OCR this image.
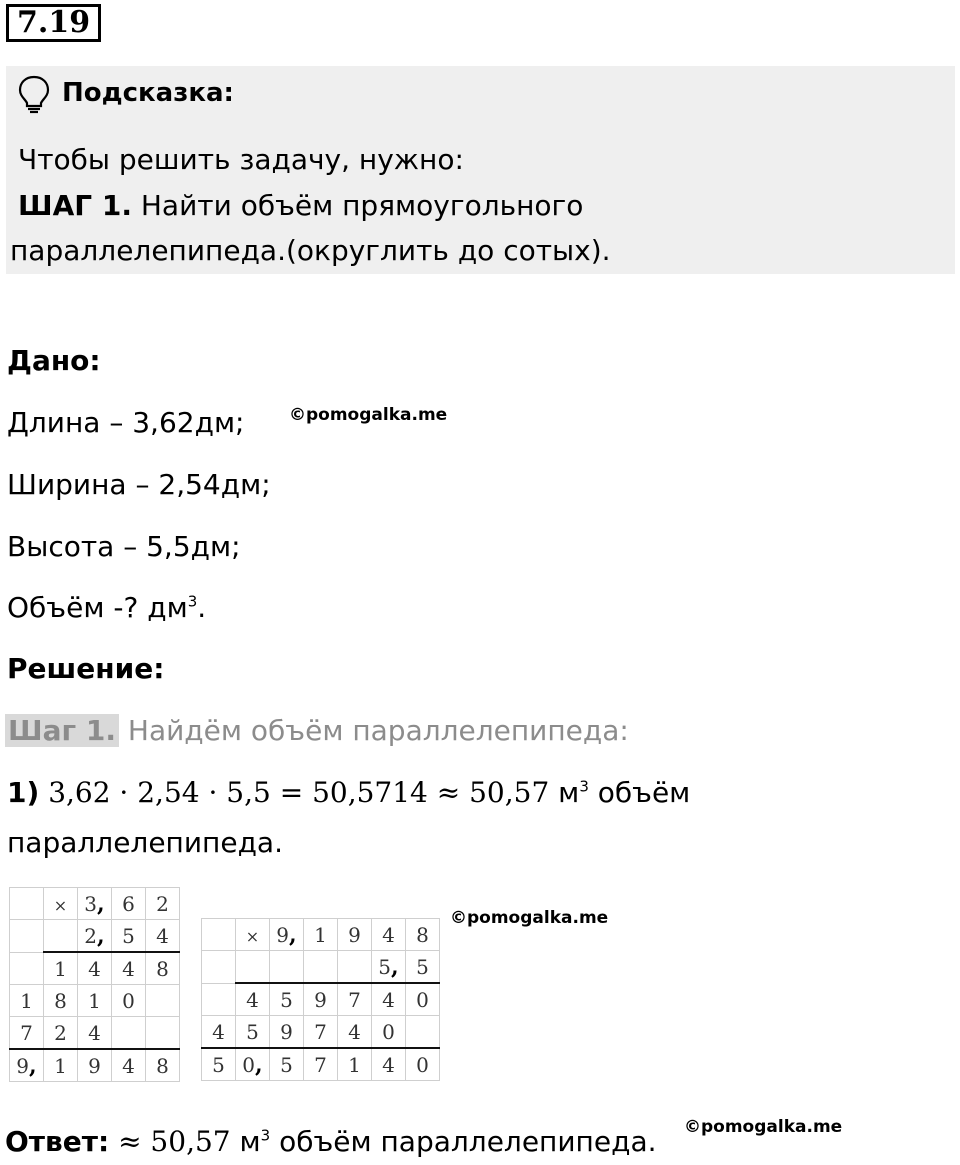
7.19
Подсказка:
Чтобы решить задачу, нужно:
ШАГ 1. Найти объём прямоугольного
параллелепипеда.(округлить до сотых).
Дано:
Длина – 3,62дм;	©pomogalka.me
Ширина – 2,54дм;
Высота – 5,5дм;
Объём -? $дм^3$.
Решение:
Шаг 1. Найдём объём параллелепипеда:
1) 3,62 · 2,54 · 5,5 = 50,5714 ≈ 50,57 $м^3$ объём
параллелепипеда.
	×	3,	6	2
		2,	5	4
	1	4	4	8
1	8	1	0	
7	2	4		
9,	1	9	4	8
©pomogalka.me
	×	9,	1	9	4	8
					5,	5
	4	5	9	7	4	0
4	5	9	7	4	0	
5	0,	5	7	1	4	0
Ответ: ≈ 50,57 $м^3$ объём параллелепипеда. ©pomogalka.me
